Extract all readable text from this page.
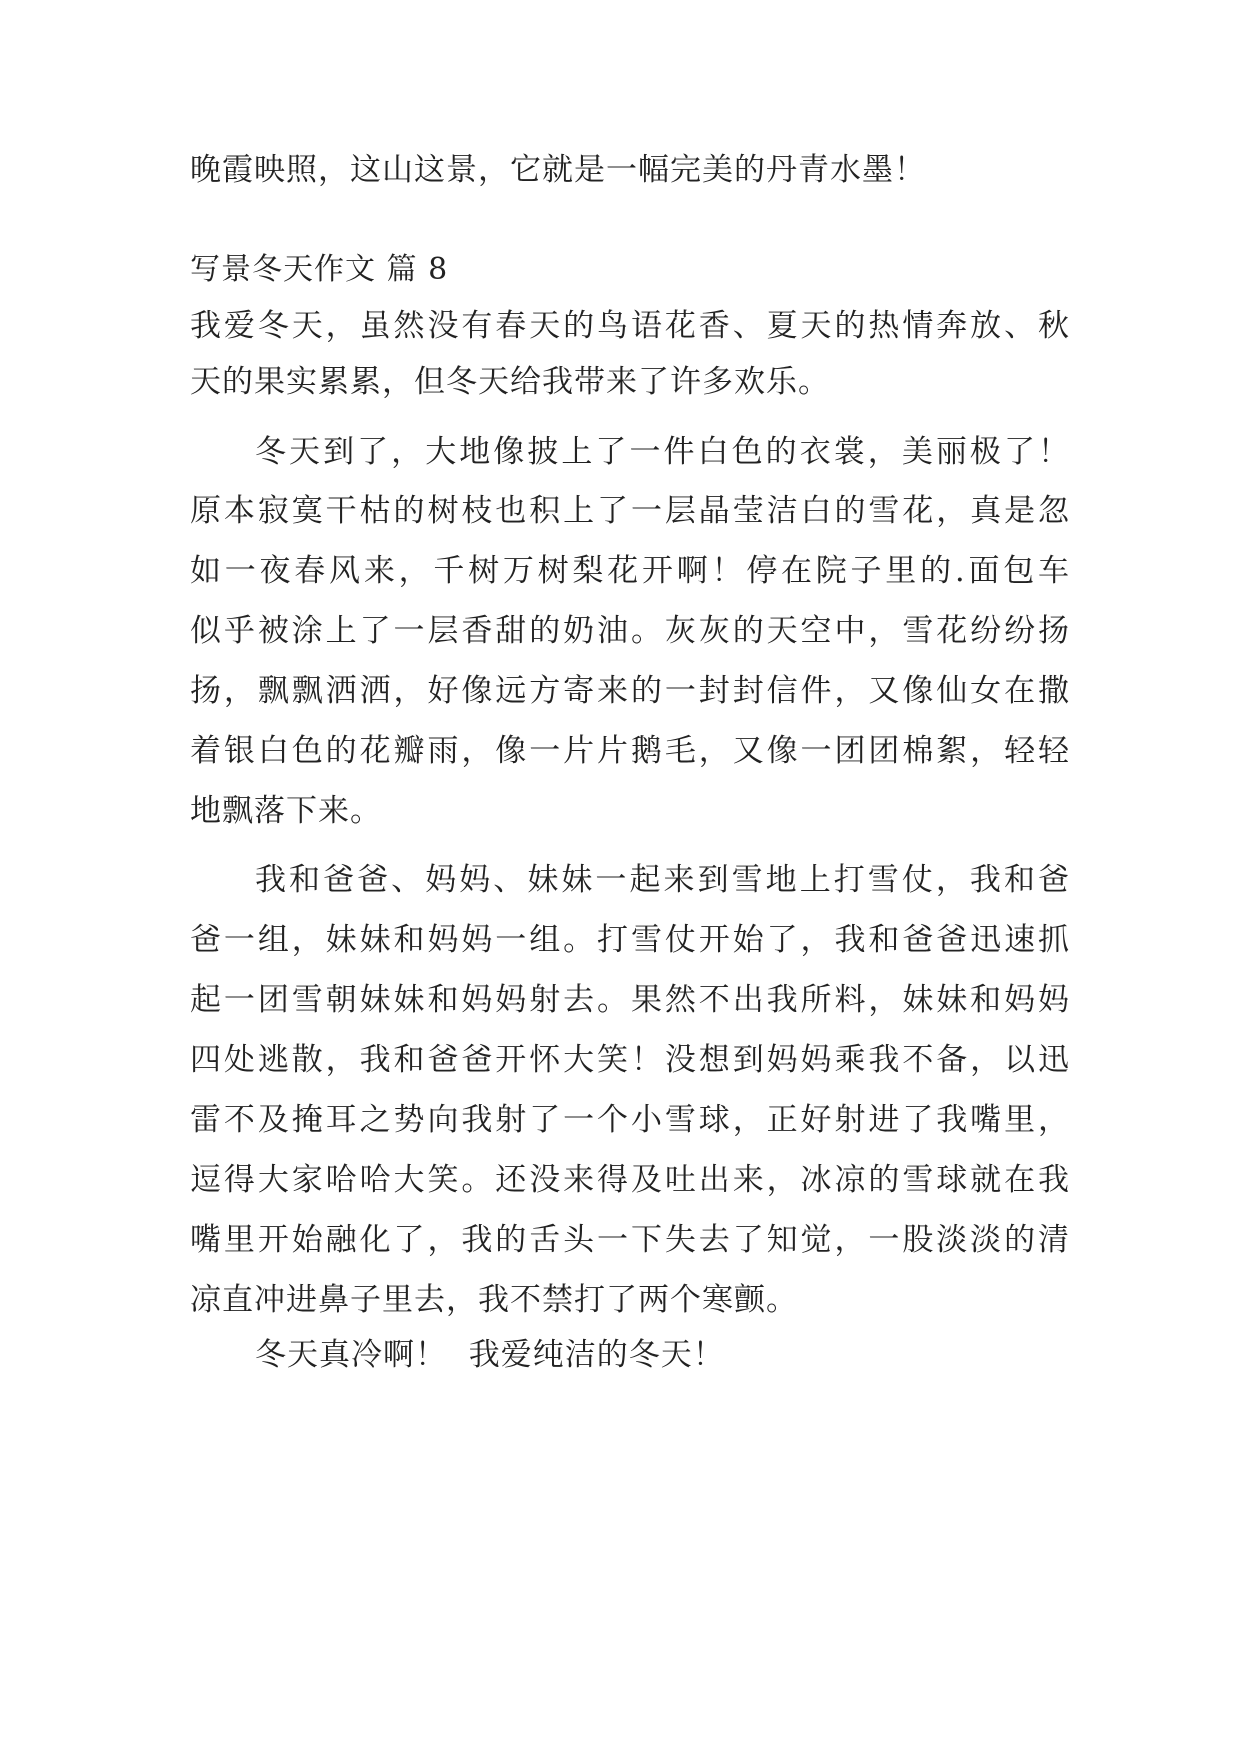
晚霞映照，这山这景，它就是一幅完美的丹青水墨！
写景冬天作文 篇 8
我爱冬天，虽然没有春天的鸟语花香、夏天的热情奔放、秋
天的果实累累，但冬天给我带来了许多欢乐。
冬天到了，大地像披上了一件白色的衣裳，美丽极了！
原本寂寞干枯的树枝也积上了一层晶莹洁白的雪花，真是忽
如一夜春风来，千树万树梨花开啊！停在院子里的.面包车
似乎被涂上了一层香甜的奶油。灰灰的天空中，雪花纷纷扬
扬，飘飘洒洒，好像远方寄来的一封封信件，又像仙女在撒
着银白色的花瓣雨，像一片片鹅毛，又像一团团棉絮，轻轻
地飘落下来。
我和爸爸、妈妈、妹妹一起来到雪地上打雪仗，我和爸
爸一组，妹妹和妈妈一组。打雪仗开始了，我和爸爸迅速抓
起一团雪朝妹妹和妈妈射去。果然不出我所料，妹妹和妈妈
四处逃散，我和爸爸开怀大笑！没想到妈妈乘我不备，以迅
雷不及掩耳之势向我射了一个小雪球，正好射进了我嘴里，
逗得大家哈哈大笑。还没来得及吐出来，冰凉的雪球就在我
嘴里开始融化了，我的舌头一下失去了知觉，一股淡淡的清
凉直冲进鼻子里去，我不禁打了两个寒颤。
冬天真冷啊！  我爱纯洁的冬天！
